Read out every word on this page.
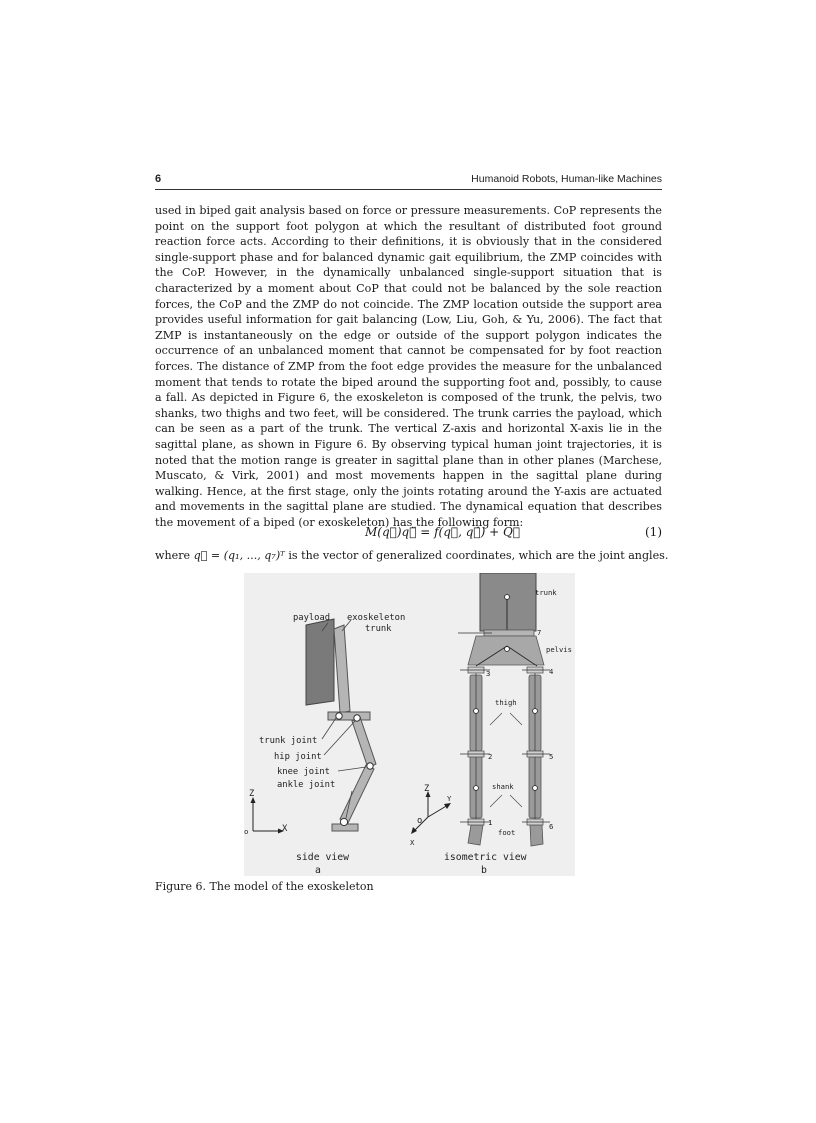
6	Humanoid Robots, Human-like Machines

used in biped gait analysis based on force or pressure measurements. CoP represents the point on the support foot polygon at which the resultant of distributed foot ground reaction force acts. According to their definitions, it is obviously that in the considered single-support phase and for balanced dynamic gait equilibrium, the ZMP coincides with the CoP. However, in the dynamically unbalanced single-support situation that is characterized by a moment about CoP that could not be balanced by the sole reaction forces, the CoP and the ZMP do not coincide. The ZMP location outside the support area provides useful information for gait balancing (Low, Liu, Goh, & Yu, 2006). The fact that ZMP is instantaneously on the edge or outside of the support polygon indicates the occurrence of an unbalanced moment that cannot be compensated for by foot reaction forces. The distance of ZMP from the foot edge provides the measure for the unbalanced moment that tends to rotate the biped around the supporting foot and, possibly, to cause a fall. As depicted in Figure 6, the exoskeleton is composed of the trunk, the pelvis, two shanks, two thighs and two feet, will be considered. The trunk carries the payload, which can be seen as a part of the trunk. The vertical Z-axis and horizontal X-axis lie in the sagittal plane, as shown in Figure 6. By observing typical human joint trajectories, it is noted that the motion range is greater in sagittal plane than in other planes (Marchese, Muscato, & Virk, 2001) and most movements happen in the sagittal plane during walking. Hence, at the first stage, only the joints rotating around the Y-axis are actuated and movements in the sagittal plane are studied. The dynamical equation that describes the movement of a biped (or exoskeleton) has the following form:

M(q⃗)q⃗̈ = f(q⃗, q⃗̇) + Q⃗	(1)
where q⃗ = (q₁, ..., q₇)ᵀ is the vector of generalized coordinates, which are the joint angles.
payload exoskeleton
trunk
trunk joint
hip joint
knee joint
ankle joint
Z
X
o
side view
a
trunk
pelvis
thigh
shank
foot
7
3	4
2	5
1	6
Z
Y
X
o
isometric view
b
Figure 6. The model of the exoskeleton
